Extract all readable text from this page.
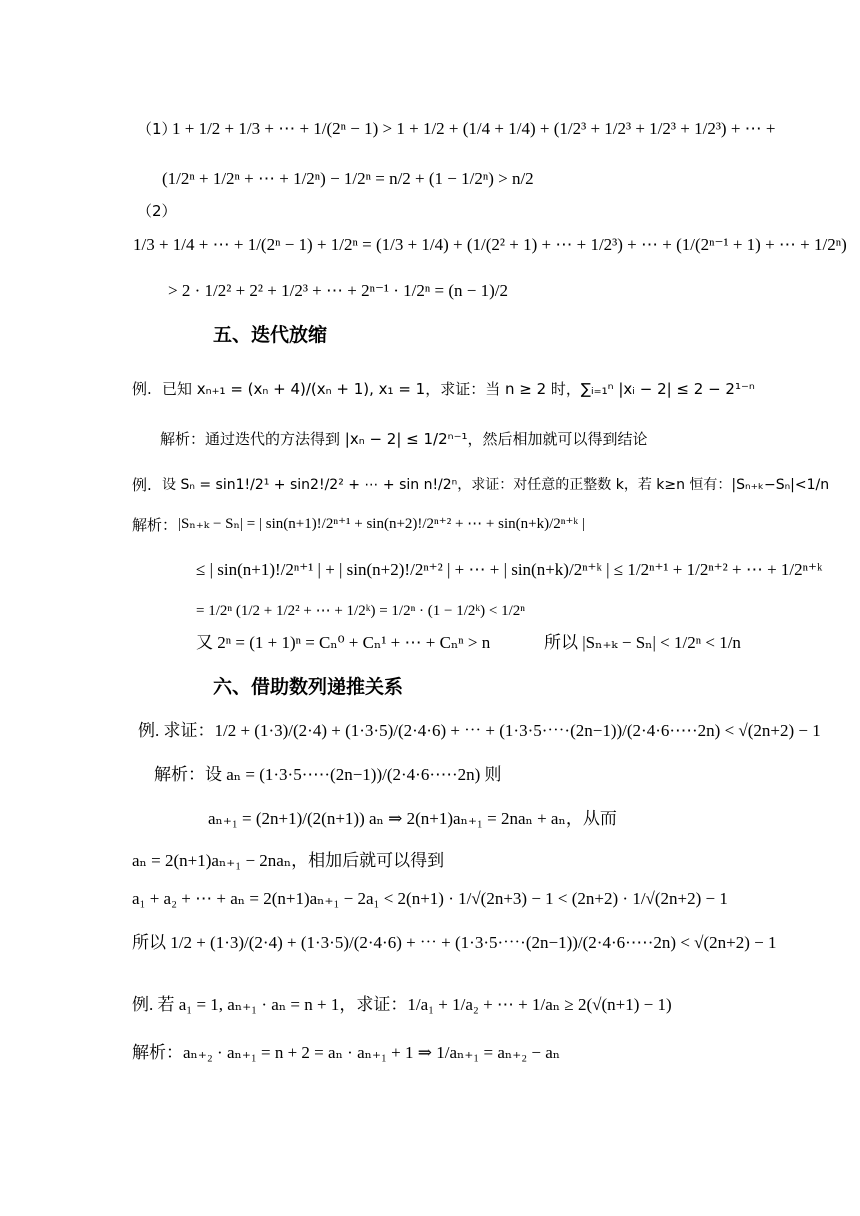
（1）
1 + 1/2 + 1/3 + ⋯ + 1/(2ⁿ − 1) > 1 + 1/2 + (1/4 + 1/4) + (1/2³ + 1/2³ + 1/2³ + 1/2³) + ⋯ +
(1/2ⁿ + 1/2ⁿ + ⋯ + 1/2ⁿ) − 1/2ⁿ = n/2 + (1 − 1/2ⁿ) > n/2
（2）
1/3 + 1/4 + ⋯ + 1/(2ⁿ − 1) + 1/2ⁿ = (1/3 + 1/4) + (1/(2² + 1) + ⋯ + 1/2³) + ⋯ + (1/(2ⁿ⁻¹ + 1) + ⋯ + 1/2ⁿ)
> 2 · 1/2² + 2² + 1/2³ + ⋯ + 2ⁿ⁻¹ · 1/2ⁿ = (n − 1)/2
五、迭代放缩
例. 已知 xₙ₊₁ = (xₙ + 4)/(xₙ + 1), x₁ = 1，求证：当 n ≥ 2 时，∑ᵢ₌₁ⁿ |xᵢ − 2| ≤ 2 − 2¹⁻ⁿ
解析：通过迭代的方法得到 |xₙ − 2| ≤ 1/2ⁿ⁻¹，然后相加就可以得到结论
例. 设 Sₙ = sin1!/2¹ + sin2!/2² + ⋯ + sin n!/2ⁿ，求证：对任意的正整数 k，若 k≥n 恒有：|Sₙ₊ₖ−Sₙ|<1/n
解析： |Sₙ₊ₖ − Sₙ| = | sin(n+1)!/2ⁿ⁺¹ + sin(n+2)!/2ⁿ⁺² + ⋯ + sin(n+k)/2ⁿ⁺ᵏ |
≤ | sin(n+1)!/2ⁿ⁺¹ | + | sin(n+2)!/2ⁿ⁺² | + ⋯ + | sin(n+k)/2ⁿ⁺ᵏ | ≤ 1/2ⁿ⁺¹ + 1/2ⁿ⁺² + ⋯ + 1/2ⁿ⁺ᵏ
= 1/2ⁿ (1/2 + 1/2² + ⋯ + 1/2ᵏ) = 1/2ⁿ · (1 − 1/2ᵏ) < 1/2ⁿ
又 2ⁿ = (1 + 1)ⁿ = Cₙ⁰ + Cₙ¹ + ⋯ + Cₙⁿ > n	所以 |Sₙ₊ₖ − Sₙ| < 1/2ⁿ < 1/n
六、借助数列递推关系
例. 求证：1/2 + (1·3)/(2·4) + (1·3·5)/(2·4·6) + ⋯ + (1·3·5·⋯·(2n−1))/(2·4·6·⋯·2n) < √(2n+2) − 1
解析：设 aₙ = (1·3·5·⋯·(2n−1))/(2·4·6·⋯·2n) 则
aₙ₊₁ = (2n+1)/(2(n+1)) aₙ ⇒ 2(n+1)aₙ₊₁ = 2naₙ + aₙ，从而
aₙ = 2(n+1)aₙ₊₁ − 2naₙ，相加后就可以得到
a₁ + a₂ + ⋯ + aₙ = 2(n+1)aₙ₊₁ − 2a₁ < 2(n+1) · 1/√(2n+3) − 1 < (2n+2) · 1/√(2n+2) − 1
所以 1/2 + (1·3)/(2·4) + (1·3·5)/(2·4·6) + ⋯ + (1·3·5·⋯·(2n−1))/(2·4·6·⋯·2n) < √(2n+2) − 1
例. 若 a₁ = 1, aₙ₊₁ · aₙ = n + 1，求证：1/a₁ + 1/a₂ + ⋯ + 1/aₙ ≥ 2(√(n+1) − 1)
解析：aₙ₊₂ · aₙ₊₁ = n + 2 = aₙ · aₙ₊₁ + 1 ⇒ 1/aₙ₊₁ = aₙ₊₂ − aₙ
